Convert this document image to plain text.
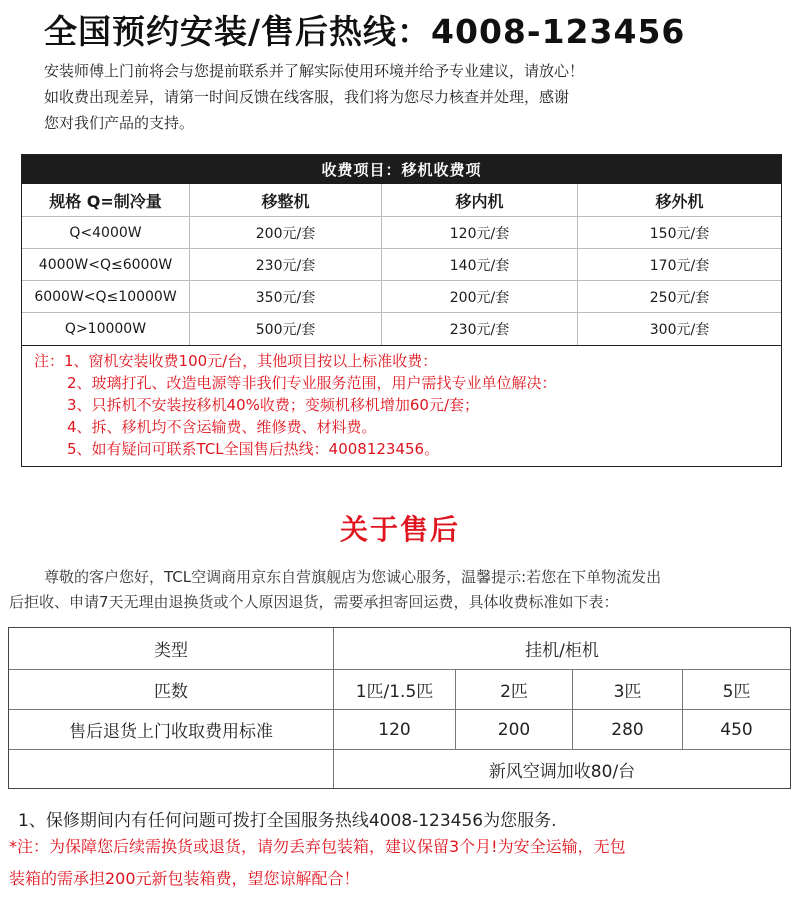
全国预约安装/售后热线：4008-123456
安装师傅上门前将会与您提前联系并了解实际使用环境并给予专业建议，请放心！
如收费出现差异，请第一时间反馈在线客服，我们将为您尽力核查并处理，感谢
您对我们产品的支持。
收费项目：移机收费项
规格 Q=制冷量	移整机	移内机	移外机
Q<4000W	200元/套	120元/套	150元/套
4000W<Q≤6000W	230元/套	140元/套	170元/套
6000W<Q≤10000W	350元/套	200元/套	250元/套
Q>10000W	500元/套	230元/套	300元/套
注：1、窗机安装收费100元/台，其他项目按以上标准收费：
2、玻璃打孔、改造电源等非我们专业服务范围，用户需找专业单位解决：
3、只拆机不安装按移机40%收费；变频机移机增加60元/套；
4、拆、移机均不含运输费、维修费、材料费。
5、如有疑问可联系TCL全国售后热线：4008123456。
关于售后
尊敬的客户您好，TCL空调商用京东自营旗舰店为您诚心服务，温馨提示:若您在下单物流发出
后拒收、申请7天无理由退换货或个人原因退货，需要承担寄回运费，具体收费标准如下表：
类型	挂机/柜机
匹数	1匹/1.5匹	2匹	3匹	5匹
售后退货上门收取费用标准	120	200	280	450
新风空调加收80/台
1、保修期间内有任何问题可拨打全国服务热线4008-123456为您服务.
*注：为保障您后续需换货或退货，请勿丢弃包装箱，建议保留3个月!为安全运输，无包
装箱的需承担200元新包装箱费，望您谅解配合！
